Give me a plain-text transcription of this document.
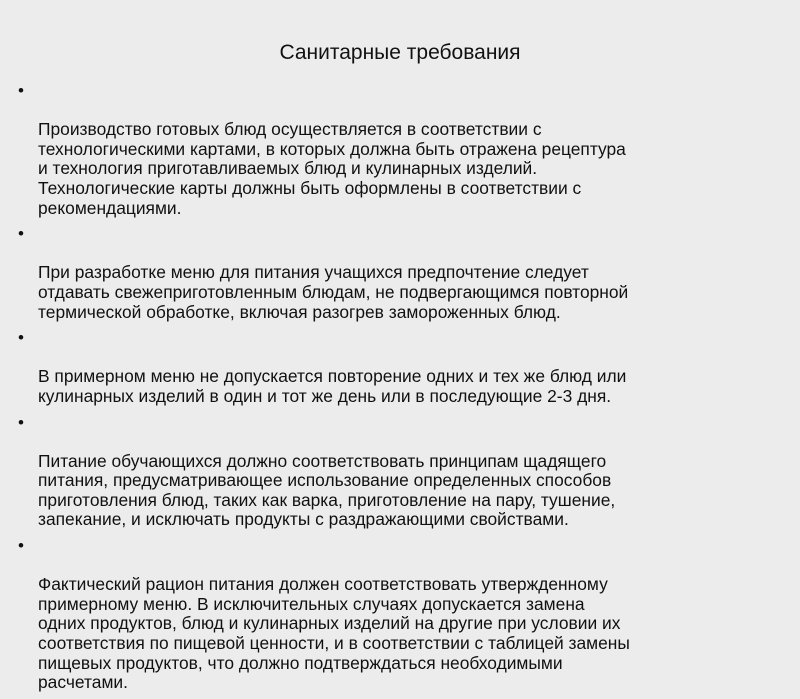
Санитарные требования

•

Производство готовых блюд осуществляется в соответствии с
технологическими картами, в которых должна быть отражена рецептура
и технология приготавливаемых блюд и кулинарных изделий.
Технологические карты должны быть оформлены в соответствии с
рекомендациями.

•

При разработке меню для питания учащихся предпочтение следует
отдавать свежеприготовленным блюдам, не подвергающимся повторной
термической обработке, включая разогрев замороженных блюд.

•

В примерном меню не допускается повторение одних и тех же блюд или
кулинарных изделий в один и тот же день или в последующие 2-3 дня.

•

Питание обучающихся должно соответствовать принципам щадящего
питания, предусматривающее использование определенных способов
приготовления блюд, таких как варка, приготовление на пару, тушение,
запекание, и исключать продукты с раздражающими свойствами.

•

Фактический рацион питания должен соответствовать утвержденному
примерному меню. В исключительных случаях допускается замена
одних продуктов, блюд и кулинарных изделий на другие при условии их
соответствия по пищевой ценности, и в соответствии с таблицей замены
пищевых продуктов, что должно подтверждаться необходимыми
расчетами.
